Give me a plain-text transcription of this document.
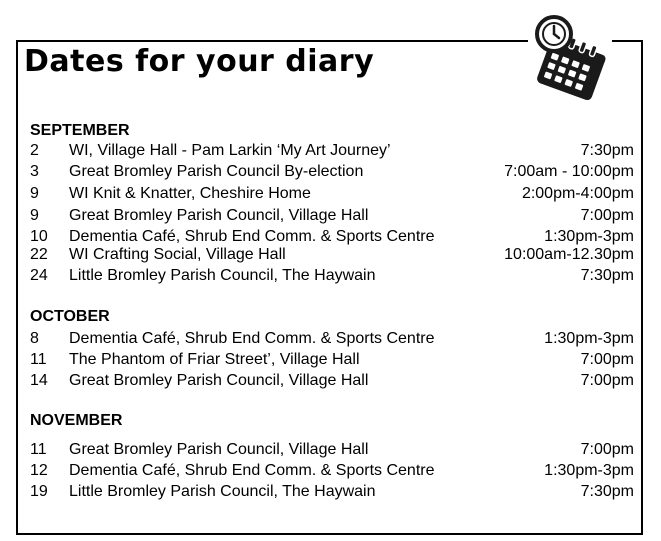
Dates for your diary
SEPTEMBER
2 WI, Village Hall - Pam Larkin ‘My Art Journey’	7:30pm
3 Great Bromley Parish Council By-election	7:00am - 10:00pm
9 WI Knit & Knatter, Cheshire Home	2:00pm-4:00pm
9 Great Bromley Parish Council, Village Hall	7:00pm
10 Dementia Café, Shrub End Comm. & Sports Centre	1:30pm-3pm
22 WI Crafting Social, Village Hall	10:00am-12.30pm
24 Little Bromley Parish Council, The Haywain	7:30pm
OCTOBER
8 Dementia Café, Shrub End Comm. & Sports Centre	1:30pm-3pm
11 The Phantom of Friar Street’, Village Hall	7:00pm
14 Great Bromley Parish Council, Village Hall	7:00pm
NOVEMBER
11 Great Bromley Parish Council, Village Hall	7:00pm
12 Dementia Café, Shrub End Comm. & Sports Centre	1:30pm-3pm
19 Little Bromley Parish Council, The Haywain	7:30pm
